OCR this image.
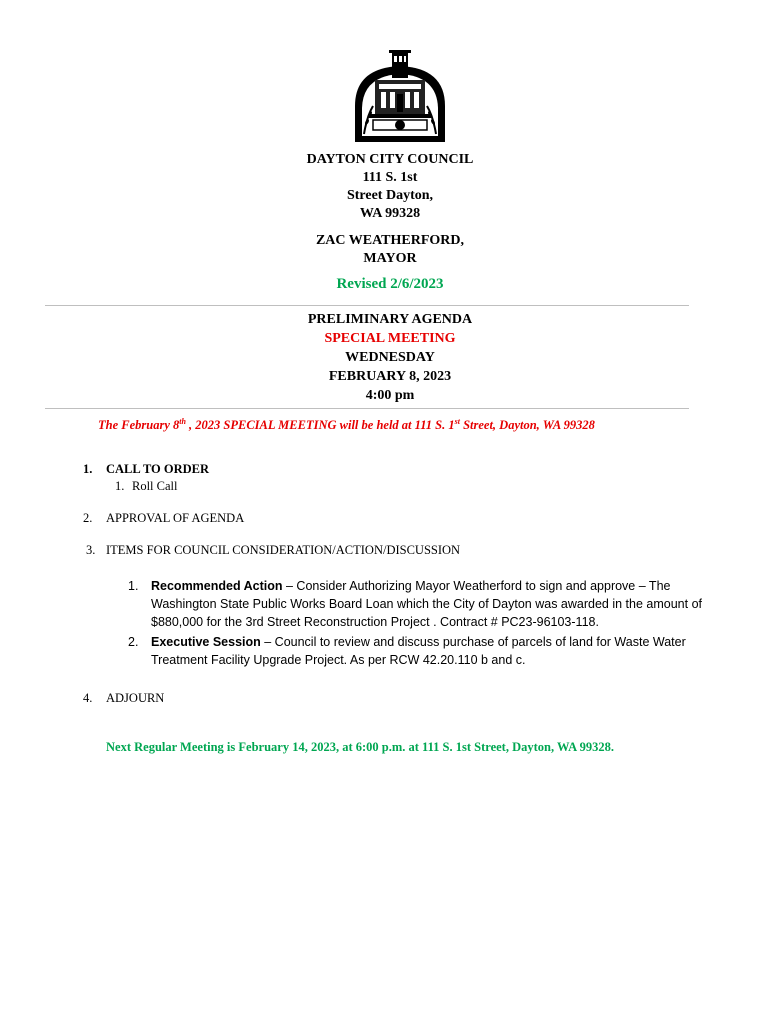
DAYTON CITY COUNCIL
111 S. 1st
Street Dayton,
WA 99328
ZAC WEATHERFORD,
MAYOR
Revised 2/6/2023
PRELIMINARY AGENDA
SPECIAL MEETING
WEDNESDAY
FEBRUARY 8, 2023
4:00 pm
The February 8th , 2023 SPECIAL MEETING will be held at 111 S. 1st Street, Dayton, WA 99328
1. CALL TO ORDER
1. Roll Call
2. APPROVAL OF AGENDA
3. ITEMS FOR COUNCIL CONSIDERATION/ACTION/DISCUSSION
1. Recommended Action – Consider Authorizing Mayor Weatherford to sign and approve – The
Washington State Public Works Board Loan which the City of Dayton was awarded in the amount of
$880,000 for the 3rd Street Reconstruction Project . Contract # PC23-96103-118.
2. Executive Session – Council to review and discuss purchase of parcels of land for Waste Water
Treatment Facility Upgrade Project. As per RCW 42.20.110 b and c.
4. ADJOURN
Next Regular Meeting is February 14, 2023, at 6:00 p.m. at 111 S. 1st Street, Dayton, WA 99328.
